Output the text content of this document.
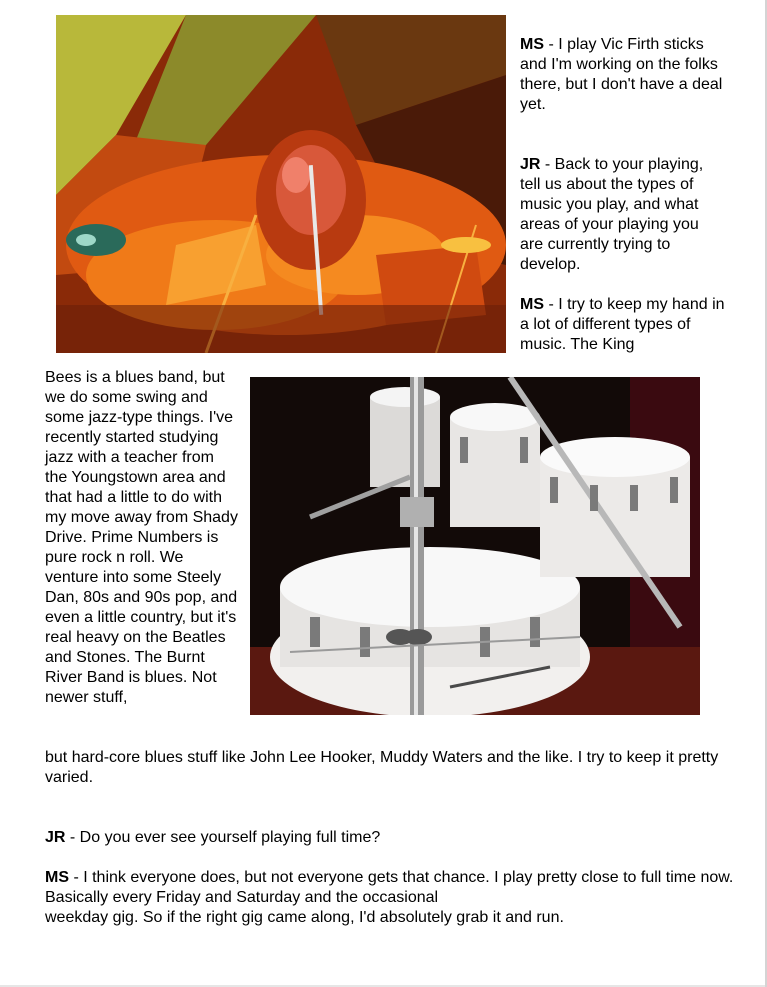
MS - I play Vic Firth sticks and I'm working on the folks there, but I don't have a deal yet.

JR - Back to your playing, tell us about the types of music you play, and what areas of your playing you are currently trying to develop.

MS - I try to keep my hand in a lot of different types of music. The King

Bees is a blues band, but we do some swing and some jazz-type things. I've recently started studying jazz with a teacher from the Youngstown area and that had a little to do with my move away from Shady Drive. Prime Numbers is pure rock n roll. We venture into some Steely Dan, 80s and 90s pop, and even a little country, but it's real heavy on the Beatles and Stones. The Burnt River Band is blues. Not newer stuff,

but hard-core blues stuff like John Lee Hooker, Muddy Waters and the like. I try to keep it pretty varied.

JR - Do you ever see yourself playing full time?

MS - I think everyone does, but not everyone gets that chance. I play pretty close to full time now. Basically every Friday and Saturday and the occasional
weekday gig. So if the right gig came along, I'd absolutely grab it and run.
